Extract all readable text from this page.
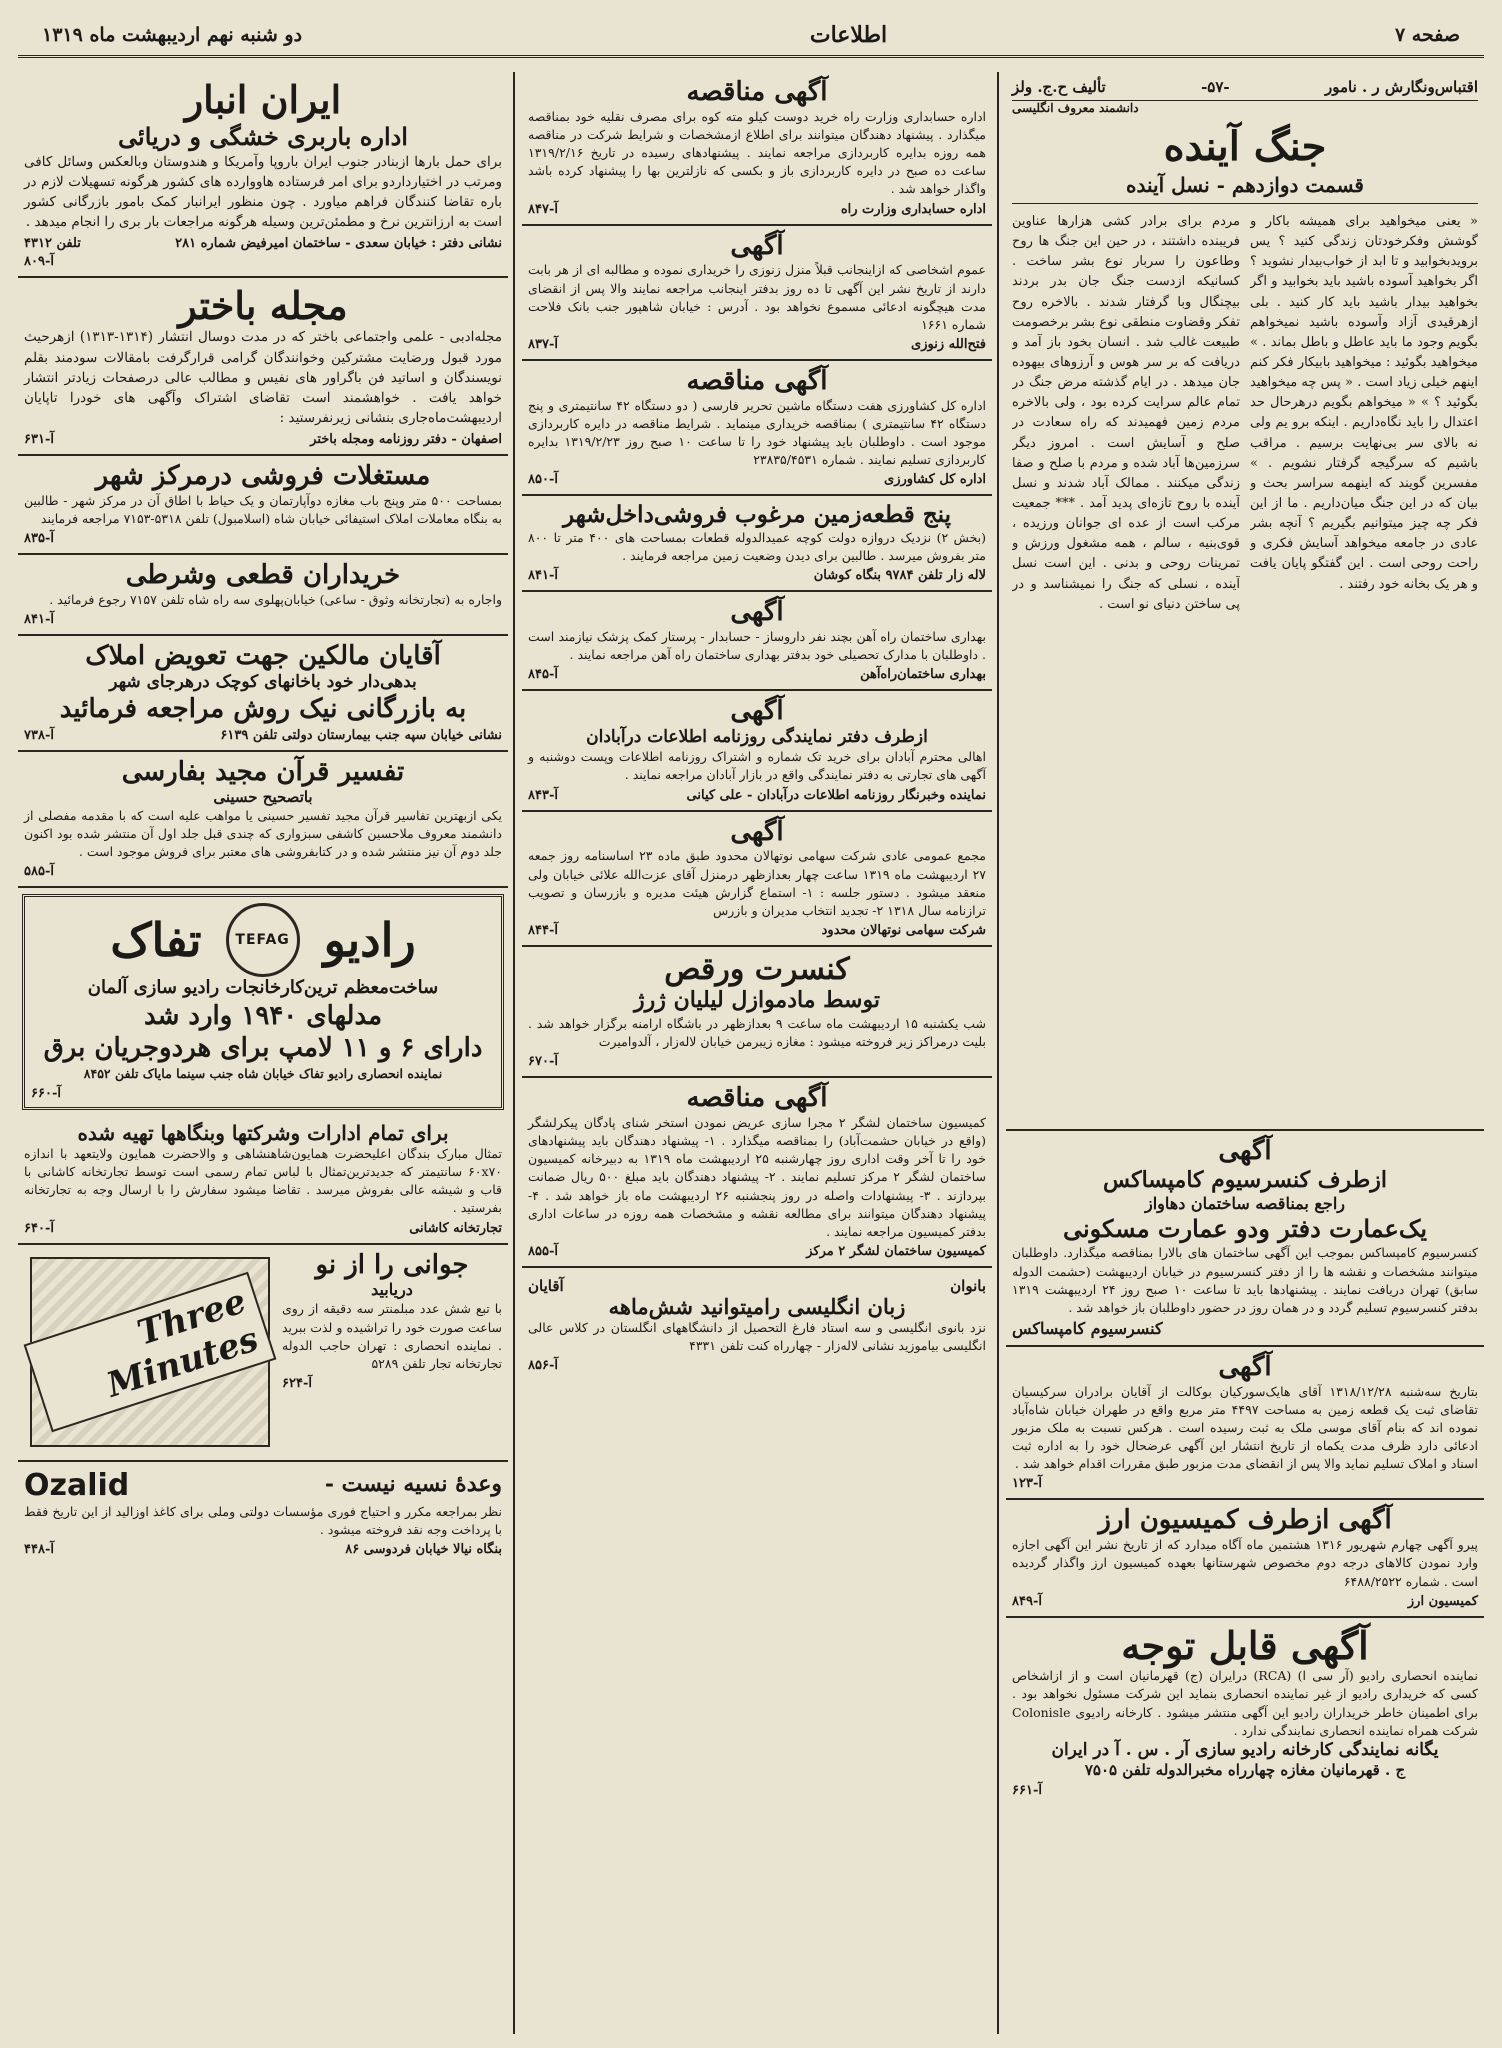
صفحه ۷
اطلاعات
دو شنبه نهم اردیبهشت ماه ۱۳۱۹
اقتباس‌ونگارش ر . نامور
-۵۷-
تألیف ح.ج. ولز
دانشمند معروف انگلیسی
جنگ آینده
قسمت دوازدهم - نسل آینده
« یعنی میخواهید برای همیشه باکار و گوشش وفکرخودتان زندگی کنید ؟ یس برویدبخوابید و تا ابد از خواب‌بیدار نشوید ؟ اگر بخواهید آسوده باشید باید بخوابید و اگر بخواهید بیدار باشید باید کار کنید . بلی ازهرقیدی آزاد وآسوده باشید نمیخواهم بگویم وجود ما باید عاطل و باطل بماند . » میخواهید بگوئید : میخواهید بابیکار فکر کنم اینهم خیلی زیاد است . « پس چه میخواهید بگوئید ؟ » « میخواهم بگویم درهرحال حد اعتدال را باید نگاه‌داریم . اینکه برو یم ولی نه بالای سر بی‌نهایت برسیم . مراقب باشیم که سرگیجه گرفتار نشویم . » مفسرین گویند که اینهمه سراسر بحث و بیان که در این جنگ میان‌داریم . ما از این فکر چه چیز میتوانیم بگیریم ؟ آنچه بشر عادی در جامعه میخواهد آسایش فکری و راحت روحی است . این گفتگو پایان یافت و هر یک بخانه خود رفتند .
مردم برای برادر کشی هزارها عناوین فریبنده داشتند ، در حین این جنگ ها روح وطاعون را سربار نوع بشر ساخت . کسانیکه ازدست جنگ جان بدر بردند بیچنگال وبا گرفتار شدند . بالاخره روح تفکر وقضاوت منطقی نوع بشر برخصومت طبیعت غالب شد . انسان بخود باز آمد و دریافت که بر سر هوس و آرزوهای بیهوده جان میدهد . در ایام گذشته مرض جنگ در تمام عالم سرایت کرده بود ، ولی بالاخره مردم زمین فهمیدند که راه سعادت در صلح و آسایش است . امروز دیگر سرزمین‌ها آباد شده و مردم با صلح و صفا زندگی میکنند . ممالک آباد شدند و نسل آینده با روح تازه‌ای پدید آمد . *** جمعیت مرکب است از عده ای جوانان ورزیده ، قوی‌بنیه ، سالم ، همه مشغول ورزش و تمرینات روحی و بدنی . این است نسل آینده ، نسلی که جنگ را نمیشناسد و در پی ساختن دنیای نو است .
آگهی
ازطرف کنسرسیوم کامپساکس
راجع بمناقصه ساختمان دهاواز
یک‌عمارت دفتر ودو عمارت مسکونی
کنسرسیوم کامپساکس بموجب این آگهی ساختمان های بالارا بمناقصه میگذارد. داوطلبان میتوانند مشخصات و نقشه ها را از دفتر کنسرسیوم در خیابان اردیبهشت (حشمت الدوله سابق) تهران دریافت نمایند . پیشنهادها باید تا ساعت ۱۰ صبح روز ۲۴ اردیبهشت ۱۳۱۹ بدفتر کنسرسیوم تسلیم گردد و در همان روز در حضور داوطلبان باز خواهد شد .
کنسرسیوم کامپساکس
آگهی
بتاریخ سه‌شنبه ۱۳۱۸/۱۲/۲۸ آقای هایک‌سورکیان بوکالت از آقایان برادران سرکیسیان تقاضای ثبت یک قطعه زمین به مساحت ۴۴۹۷ متر مربع واقع در طهران خیابان شاه‌آباد نموده اند که بنام آقای موسی ملک به ثبت رسیده است . هرکس نسبت به ملک مزبور ادعائی دارد ظرف مدت یکماه از تاریخ انتشار این آگهی عرضحال خود را به اداره ثبت اسناد و املاک تسلیم نماید والا پس از انقضای مدت مزبور طبق مقررات اقدام خواهد شد .
آ-۱۲۳
آگهی ازطرف کمیسیون ارز
پیرو آگهی چهارم شهریور ۱۳۱۶ هشتمین ماه آگاه میدارد که از تاریخ نشر این آگهی اجازه وارد نمودن کالاهای درجه دوم مخصوص شهرستانها بعهده کمیسیون ارز واگذار گردیده است . شماره ۶۴۸۸/۲۵۲۲
کمیسیون ارز
آ-۸۴۹
آگهی قابل توجه
نماینده انحصاری رادیو (آر سی ا) (RCA) درایران (ج) قهرمانیان است و از ازاشخاص کسی که خریداری رادیو از غیر نماینده انحصاری بنماید این شرکت مسئول نخواهد بود . برای اطمینان خاطر خریداران رادیو این آگهی منتشر میشود . کارخانه رادیوی Colonisle شرکت همراه نماینده انحصاری نمایندگی ندارد .
یگانه نمایندگی کارخانه رادیو سازی آر . س . آ در ایران
ج . قهرمانیان مغازه چهارراه مخبرالدوله تلفن ۷۵۰۵
آ-۶۶۱
آگهی مناقصه
اداره حسابداری وزارت راه خرید دوست کیلو مته کوه برای مصرف نقلیه خود بمناقصه میگذارد . پیشنهاد دهندگان میتوانند برای اطلاع ازمشخصات و شرایط شرکت در مناقصه همه روزه بدایره کاربردازی مراجعه نمایند . پیشنهادهای رسیده در تاریخ ۱۳۱۹/۲/۱۶ ساعت ده صبح در دایره کاربردازی باز و بکسی که نازلترین بها را پیشنهاد کرده باشد واگذار خواهد شد .
اداره حسابداری وزارت راه
آ-۸۴۷
آگهی
عموم اشخاصی که ازاینجانب قبلاً منزل زنوزی را خریداری نموده و مطالبه ای از هر بابت دارند از تاریخ نشر این آگهی تا ده روز بدفتر اینجانب مراجعه نمایند والا پس از انقضای مدت هیچگونه ادعائی مسموع نخواهد بود . آدرس : خیابان شاهپور جنب بانک فلاحت شماره ۱۶۶۱
فتح‌الله زنوزی
آ-۸۳۷
آگهی مناقصه
اداره کل کشاورزی هفت دستگاه ماشین تحریر فارسی ( دو دستگاه ۴۲ سانتیمتری و پنج دستگاه ۴۲ سانتیمتری ) بمناقصه خریداری مینماید . شرایط مناقصه در دایره کاربردازی موجود است . داوطلبان باید پیشنهاد خود را تا ساعت ۱۰ صبح روز ۱۳۱۹/۲/۲۳ بدایره کاربردازی تسلیم نمایند . شماره ۲۳۸۳۵/۴۵۳۱
اداره کل کشاورزی
آ-۸۵۰
پنج قطعه‌زمین مرغوب فروشی‌داخل‌شهر
(بخش ۲) نزدیک دروازه دولت کوچه عمیدالدوله قطعات بمساحت های ۴۰۰ متر تا ۸۰۰ متر بفروش میرسد . طالبین برای دیدن وضعیت زمین مراجعه فرمایند .
لاله زار تلفن ۹۷۸۴ بنگاه کوشان
آ-۸۴۱
آگهی
بهداری ساختمان راه آهن بچند نفر داروساز - حسابدار - پرستار کمک پزشک نیازمند است . داوطلبان با مدارک تحصیلی خود بدفتر بهداری ساختمان راه آهن مراجعه نمایند .
بهداری ساختمان‌راه‌آهن
آ-۸۴۵
آگهی
ازطرف دفتر نمایندگی روزنامه اطلاعات درآبادان
اهالی محترم آبادان برای خرید تک شماره و اشتراک روزنامه اطلاعات وپست دوشنبه و آگهی های تجارتی به دفتر نمایندگی واقع در بازار آبادان مراجعه نمایند .
نماینده وخبرنگار روزنامه اطلاعات درآبادان - علی کیانی
آ-۸۴۳
آگهی
مجمع عمومی عادی شرکت سهامی نوتهالان محدود طبق ماده ۲۳ اساسنامه روز جمعه ۲۷ اردیبهشت ماه ۱۳۱۹ ساعت چهار بعدازظهر درمنزل آقای عزت‌الله علائی خیابان ولی منعقد میشود . دستور جلسه : ۱- استماع گزارش هیئت مدیره و بازرسان و تصویب ترازنامه سال ۱۳۱۸ ۲- تجدید انتخاب مدیران و بازرس
شرکت سهامی نوتهالان محدود
آ-۸۴۴
کنسرت ورقص
توسط مادموازل لیلیان ژرژ
شب یکشنبه ۱۵ اردیبهشت ماه ساعت ۹ بعدازظهر در باشگاه ارامنه برگزار خواهد شد . بلیت درمراکز زیر فروخته میشود : مغازه زیبرمن خیابان لاله‌زار ، آلدوامیرت
آ-۶۷۰
آگهی مناقصه
کمیسیون ساختمان لشگر ۲ مجرا سازی عریض نمودن استخر شنای پادگان پیکرلشگر (واقع در خیابان حشمت‌آباد) را بمناقصه میگذارد . ۱- پیشنهاد دهندگان باید پیشنهادهای خود را تا آخر وقت اداری روز چهارشنبه ۲۵ اردیبهشت ماه ۱۳۱۹ به دبیرخانه کمیسیون ساختمان لشگر ۲ مرکز تسلیم نمایند . ۲- پیشنهاد دهندگان باید مبلغ ۵۰۰ ریال ضمانت بپردازند . ۳- پیشنهادات واصله در روز پنجشنبه ۲۶ اردیبهشت ماه باز خواهد شد . ۴- پیشنهاد دهندگان میتوانند برای مطالعه نقشه و مشخصات همه روزه در ساعات اداری بدفتر کمیسیون مراجعه نمایند .
کمیسیون ساختمان لشگر ۲ مرکز
آ-۸۵۵
بانوان
آقایان
زبان انگلیسی رامیتوانید شش‌ماهه
نزد بانوی انگلیسی و سه استاد فارغ التحصیل از دانشگاههای انگلستان در کلاس عالی انگلیسی بیاموزید نشانی لاله‌زار - چهارراه کنت تلفن ۴۳۳۱
آ-۸۵۶
ایران انبار
اداره باربری خشگی و دریائی
برای حمل بارها ازبنادر جنوب ایران باروپا وآمریکا و هندوستان وبالعکس وسائل کافی ومرتب در اختیارداردو برای امر فرستاده هاووارده های کشور هرگونه تسهیلات لازم در باره تقاضا کنندگان فراهم میاورد . چون منظور ایرانبار کمک بامور بازرگانی کشور است به ارزانترین نرخ و مطمئن‌ترین وسیله هرگونه مراجعات بار بری را انجام میدهد .
نشانی دفتر : خیابان سعدی - ساختمان امیرفیض شماره ۲۸۱
تلفن ۴۳۱۲
آ-۸۰۹
مجله باختر
مجله‌ادبی - علمی واجتماعی باختر که در مدت دوسال انتشار (۱۳۱۴-۱۳۱۳) ازهرحیث مورد قبول ورضایت مشترکین وخوانندگان گرامی قرارگرفت بامقالات سودمند بقلم نویسندگان و اساتید فن باگراور های نفیس و مطالب عالی درصفحات زیادتر انتشار خواهد یافت . خواهشمند است تقاضای اشتراک وآگهی های خودرا تاپایان اردیبهشت‌ماه‌جاری بنشانی زیرنفرستید :
اصفهان - دفتر روزنامه ومجله باختر
آ-۶۳۱
مستغلات فروشی درمرکز شهر
بمساحت ۵۰۰ متر وپنج باب مغازه دوآپارتمان و یک حیاط با اطاق آن در مرکز شهر - طالبین به بنگاه معاملات املاک استیفائی خیابان شاه (اسلامبول) تلفن ۵۳۱۸-۷۱۵۳ مراجعه فرمایند
آ-۸۳۵
خریداران قطعی وشرطی
واجاره به (تجارتخانه وثوق - ساعی) خیابان‌پهلوی سه راه شاه تلفن ۷۱۵۷ رجوع فرمائید .
آ-۸۴۱
آقایان مالکین جهت تعویض املاک
بدهی‌دار خود باخانهای کوچک درهرجای شهر
به بازرگانی نیک روش مراجعه فرمائید
نشانی خیابان سپه جنب بیمارستان دولتی تلفن ۶۱۳۹
آ-۷۳۸
تفسیر قرآن مجید بفارسی
باتصحیح حسینی
یکی ازبهترین تفاسیر قرآن مجید تفسیر حسینی یا مواهب علیه است که با مقدمه مفصلی از دانشمند معروف ملاحسین کاشفی سبزواری که چندی قبل جلد اول آن منتشر شده بود اکنون جلد دوم آن نیز منتشر شده و در کتابفروشی های معتبر برای فروش موجود است .
آ-۵۸۵
رادیو
TEFAG
تفاک
ساخت‌معظم ترین‌کارخانجات رادیو سازی آلمان
مدلهای ۱۹۴۰ وارد شد
دارای ۶ و ۱۱ لامپ برای هردوجریان برق
نماینده انحصاری رادیو تفاک خیابان شاه جنب سینما مایاک تلفن ۸۴۵۲
آ-۶۶۰
برای تمام ادارات وشرکتها وبنگاهها تهیه شده
تمثال مبارک بندگان اعلیحضرت همایون‌شاهنشاهی و والاحضرت همایون ولایتعهد با اندازه ۶۰x۷۰ سانتیمتر که جدیدترین‌تمثال با لباس تمام رسمی است توسط تجارتخانه کاشانی با قاب و شیشه عالی بفروش میرسد . تقاضا میشود سفارش را با ارسال وجه به تجارتخانه بفرستید .
تجارتخانه کاشانی
آ-۶۴۰
جوانی را از نو
دریابید
با تبع شش عدد مبلمنتر سه دقیقه از روی ساعت صورت خود را تراشیده و لذت ببرید . نماینده انحصاری : تهران حاجب الدوله تجارتخانه تجار تلفن ۵۲۸۹
آ-۶۲۴
Three Minutes
وعدهٔ نسیه نیست -
Ozalid
نظر بمراجعه مکرر و احتیاج فوری مؤسسات دولتی وملی برای کاغذ اوزالید از این تاریخ فقط با پرداخت وجه نقد فروخته میشود .
بنگاه نیالا خیابان فردوسی ۸۶
آ-۴۴۸
